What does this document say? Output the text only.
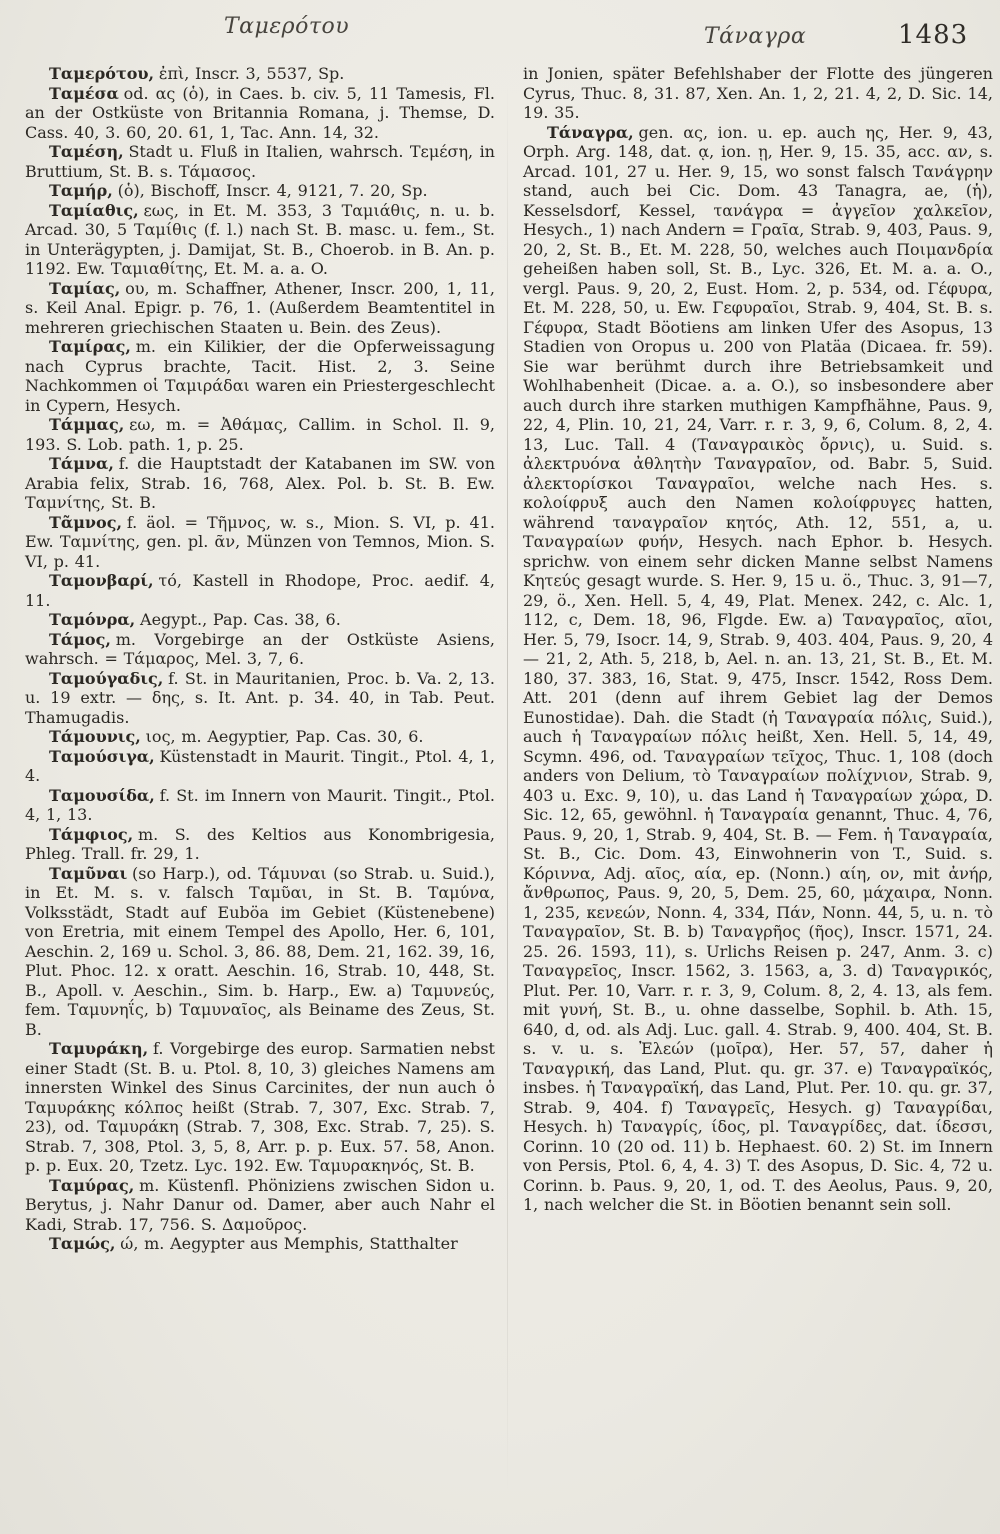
Ταμερότου	Τάναγρα	1483

Ταμερότου, ἐπὶ, Inscr. 3, 5537, Sp.

Ταμέσα od. ας (ὁ), in Caes. b. civ. 5, 11 Tamesis, Fl. an der Ostküste von Britannia Romana, j. Themse, D. Cass. 40, 3. 60, 20. 61, 1, Tac. Ann. 14, 32.

Ταμέση, Stadt u. Fluß in Italien, wahrsch. Τεμέση, in Bruttium, St. B. s. Τάμασος.

Ταμήρ, (ὁ), Bischoff, Inscr. 4, 9121, 7. 20, Sp.

Ταμίαθις, εως, in Et. M. 353, 3 Ταμιάθις, n. u. b. Arcad. 30, 5 Ταμίθις (f. l.) nach St. B. masc. u. fem., St. in Unterägypten, j. Damijat, St. B., Choerob. in B. An. p. 1192. Ew. Ταμιαθίτης, Et. M. a. a. O.

Ταμίας, ου, m. Schaffner, Athener, Inscr. 200, 1, 11, s. Keil Anal. Epigr. p. 76, 1. (Außerdem Beamtentitel in mehreren griechischen Staaten u. Bein. des Zeus).

Ταμίρας, m. ein Kilikier, der die Opferweissagung nach Cyprus brachte, Tacit. Hist. 2, 3. Seine Nachkommen οἱ Ταμιράδαι waren ein Priestergeschlecht in Cypern, Hesych.

Τάμμας, εω, m. = Ἀθάμας, Callim. in Schol. Il. 9, 193. S. Lob. path. 1, p. 25.

Τάμνα, f. die Hauptstadt der Katabanen im SW. von Arabia felix, Strab. 16, 768, Alex. Pol. b. St. B. Ew. Ταμνίτης, St. B.

Τᾶμνος, f. äol. = Τῆμνος, w. s., Mion. S. VI, p. 41. Ew. Ταμνίτης, gen. pl. ᾶν, Münzen von Temnos, Mion. S. VI, p. 41.

Ταμονβαρί, τό, Kastell in Rhodope, Proc. aedif. 4, 11.

Ταμόνρα, Aegypt., Pap. Cas. 38, 6.

Τάμος, m. Vorgebirge an der Ostküste Asiens, wahrsch. = Τάμαρος, Mel. 3, 7, 6.

Ταμούγαδις, f. St. in Mauritanien, Proc. b. Va. 2, 13. u. 19 extr. — δης, s. It. Ant. p. 34. 40, in Tab. Peut. Thamugadis.

Τάμουνις, ιος, m. Aegyptier, Pap. Cas. 30, 6.

Ταμούσιγα, Küstenstadt in Maurit. Tingit., Ptol. 4, 1, 4.

Ταμουσίδα, f. St. im Innern von Maurit. Tingit., Ptol. 4, 1, 13.

Τάμφιος, m. S. des Keltios aus Konombrigesia, Phleg. Trall. fr. 29, 1.

Ταμῦναι (so Harp.), od. Τάμυναι (so Strab. u. Suid.), in Et. M. s. v. falsch Ταμῦαι, in St. B. Ταμύνα, Volksstädt, Stadt auf Euböa im Gebiet (Küstenebene) von Eretria, mit einem Tempel des Apollo, Her. 6, 101, Aeschin. 2, 169 u. Schol. 3, 86. 88, Dem. 21, 162. 39, 16, Plut. Phoc. 12. x oratt. Aeschin. 16, Strab. 10, 448, St. B., Apoll. v. Aeschin., Sim. b. Harp., Ew. a) Ταμυνεύς, fem. Ταμυνηΐς, b) Ταμυναῖος, als Beiname des Zeus, St. B.

Ταμυράκη, f. Vorgebirge des europ. Sarmatien nebst einer Stadt (St. B. u. Ptol. 8, 10, 3) gleiches Namens am innersten Winkel des Sinus Carcinites, der nun auch ὁ Ταμυράκης κόλπος heißt (Strab. 7, 307, Exc. Strab. 7, 23), od. Ταμυράκη (Strab. 7, 308, Exc. Strab. 7, 25). S. Strab. 7, 308, Ptol. 3, 5, 8, Arr. p. p. Eux. 57. 58, Anon. p. p. Eux. 20, Tzetz. Lyc. 192. Ew. Ταμυρακηνός, St. B.

Ταμύρας, m. Küstenfl. Phöniziens zwischen Sidon u. Berytus, j. Nahr Danur od. Damer, aber auch Nahr el Kadi, Strab. 17, 756. S. Δαμοῦρος.

Ταμώς, ώ, m. Aegypter aus Memphis, Statthalter

in Jonien, später Befehlshaber der Flotte des jüngeren Cyrus, Thuc. 8, 31. 87, Xen. An. 1, 2, 21. 4, 2, D. Sic. 14, 19. 35.

Τάναγρα, gen. ας, ion. u. ep. auch ης, Her. 9, 43, Orph. Arg. 148, dat. ᾳ, ion. ῃ, Her. 9, 15. 35, acc. αν, s. Arcad. 101, 27 u. Her. 9, 15, wo sonst falsch Τανάγρην stand, auch bei Cic. Dom. 43 Tanagra, ae, (ἡ), Kesselsdorf, Kessel, τανάγρα = ἀγγεῖον χαλκεῖον, Hesych., 1) nach Andern = Γραῖα, Strab. 9, 403, Paus. 9, 20, 2, St. B., Et. M. 228, 50, welches auch Ποιμανδρία geheißen haben soll, St. B., Lyc. 326, Et. M. a. a. O., vergl. Paus. 9, 20, 2, Eust. Hom. 2, p. 534, od. Γέφυρα, Et. M. 228, 50, u. Ew. Γεφυραῖοι, Strab. 9, 404, St. B. s. Γέφυρα, Stadt Böotiens am linken Ufer des Asopus, 13 Stadien von Oropus u. 200 von Platäa (Dicaea. fr. 59). Sie war berühmt durch ihre Betriebsamkeit und Wohlhabenheit (Dicae. a. a. O.), so insbesondere aber auch durch ihre starken muthigen Kampfhähne, Paus. 9, 22, 4, Plin. 10, 21, 24, Varr. r. r. 3, 9, 6, Colum. 8, 2, 4. 13, Luc. Tall. 4 (Ταναγραικὸς ὄρνις), u. Suid. s. ἀλεκτρυόνα ἀθλητὴν Ταναγραῖον, od. Babr. 5, Suid. ἀλεκτορίσκοι Ταναγραῖοι, welche nach Hes. s. κολοίφρυξ auch den Namen κολοίφρυγες hatten, während ταναγραῖον κητός, Ath. 12, 551, a, u. Ταναγραίων φυήν, Hesych. nach Ephor. b. Hesych. sprichw. von einem sehr dicken Manne selbst Namens Κητεύς gesagt wurde. S. Her. 9, 15 u. ö., Thuc. 3, 91—7, 29, ö., Xen. Hell. 5, 4, 49, Plat. Menex. 242, c. Alc. 1, 112, c, Dem. 18, 96, Flgde. Ew. a) Ταναγραῖος, αῖοι, Her. 5, 79, Isocr. 14, 9, Strab. 9, 403. 404, Paus. 9, 20, 4 — 21, 2, Ath. 5, 218, b, Ael. n. an. 13, 21, St. B., Et. M. 180, 37. 383, 16, Stat. 9, 475, Inscr. 1542, Ross Dem. Att. 201 (denn auf ihrem Gebiet lag der Demos Eunostidae). Dah. die Stadt (ἡ Ταναγραία πόλις, Suid.), auch ἡ Ταναγραίων πόλις heißt, Xen. Hell. 5, 14, 49, Scymn. 496, od. Ταναγραίων τεῖχος, Thuc. 1, 108 (doch anders von Delium, τὸ Ταναγραίων πολίχνιον, Strab. 9, 403 u. Exc. 9, 10), u. das Land ἡ Ταναγραίων χώρα, D. Sic. 12, 65, gewöhnl. ἡ Ταναγραία genannt, Thuc. 4, 76, Paus. 9, 20, 1, Strab. 9, 404, St. B. — Fem. ἡ Ταναγραία, St. B., Cic. Dom. 43, Einwohnerin von T., Suid. s. Κόριννα, Adj. αῖος, αία, ep. (Nonn.) αίη, ον, mit ἀνήρ, ἄνθρωπος, Paus. 9, 20, 5, Dem. 25, 60, μάχαιρα, Nonn. 1, 235, κενεών, Nonn. 4, 334, Πάν, Nonn. 44, 5, u. n. τὸ Ταναγραῖον, St. B. b) Ταναγρῆος (ῆος), Inscr. 1571, 24. 25. 26. 1593, 11), s. Urlichs Reisen p. 247, Anm. 3. c) Ταναγρεῖος, Inscr. 1562, 3. 1563, a, 3. d) Ταναγρικός, Plut. Per. 10, Varr. r. r. 3, 9, Colum. 8, 2, 4. 13, als fem. mit γυνή, St. B., u. ohne dasselbe, Sophil. b. Ath. 15, 640, d, od. als Adj. Luc. gall. 4. Strab. 9, 400. 404, St. B. s. v. u. s. Ἐλεών (μοῖρα), Her. 57, 57, daher ἡ Ταναγρική, das Land, Plut. qu. gr. 37. e) Ταναγραϊκός, insbes. ἡ Ταναγραϊκή, das Land, Plut. Per. 10. qu. gr. 37, Strab. 9, 404. f) Ταναγρεῖς, Hesych. g) Ταναγρίδαι, Hesych. h) Ταναγρίς, ίδος, pl. Ταναγρίδες, dat. ίδεσσι, Corinn. 10 (20 od. 11) b. Hephaest. 60. 2) St. im Innern von Persis, Ptol. 6, 4, 4. 3) T. des Asopus, D. Sic. 4, 72 u. Corinn. b. Paus. 9, 20, 1, od. T. des Aeolus, Paus. 9, 20, 1, nach welcher die St. in Böotien benannt sein soll.
